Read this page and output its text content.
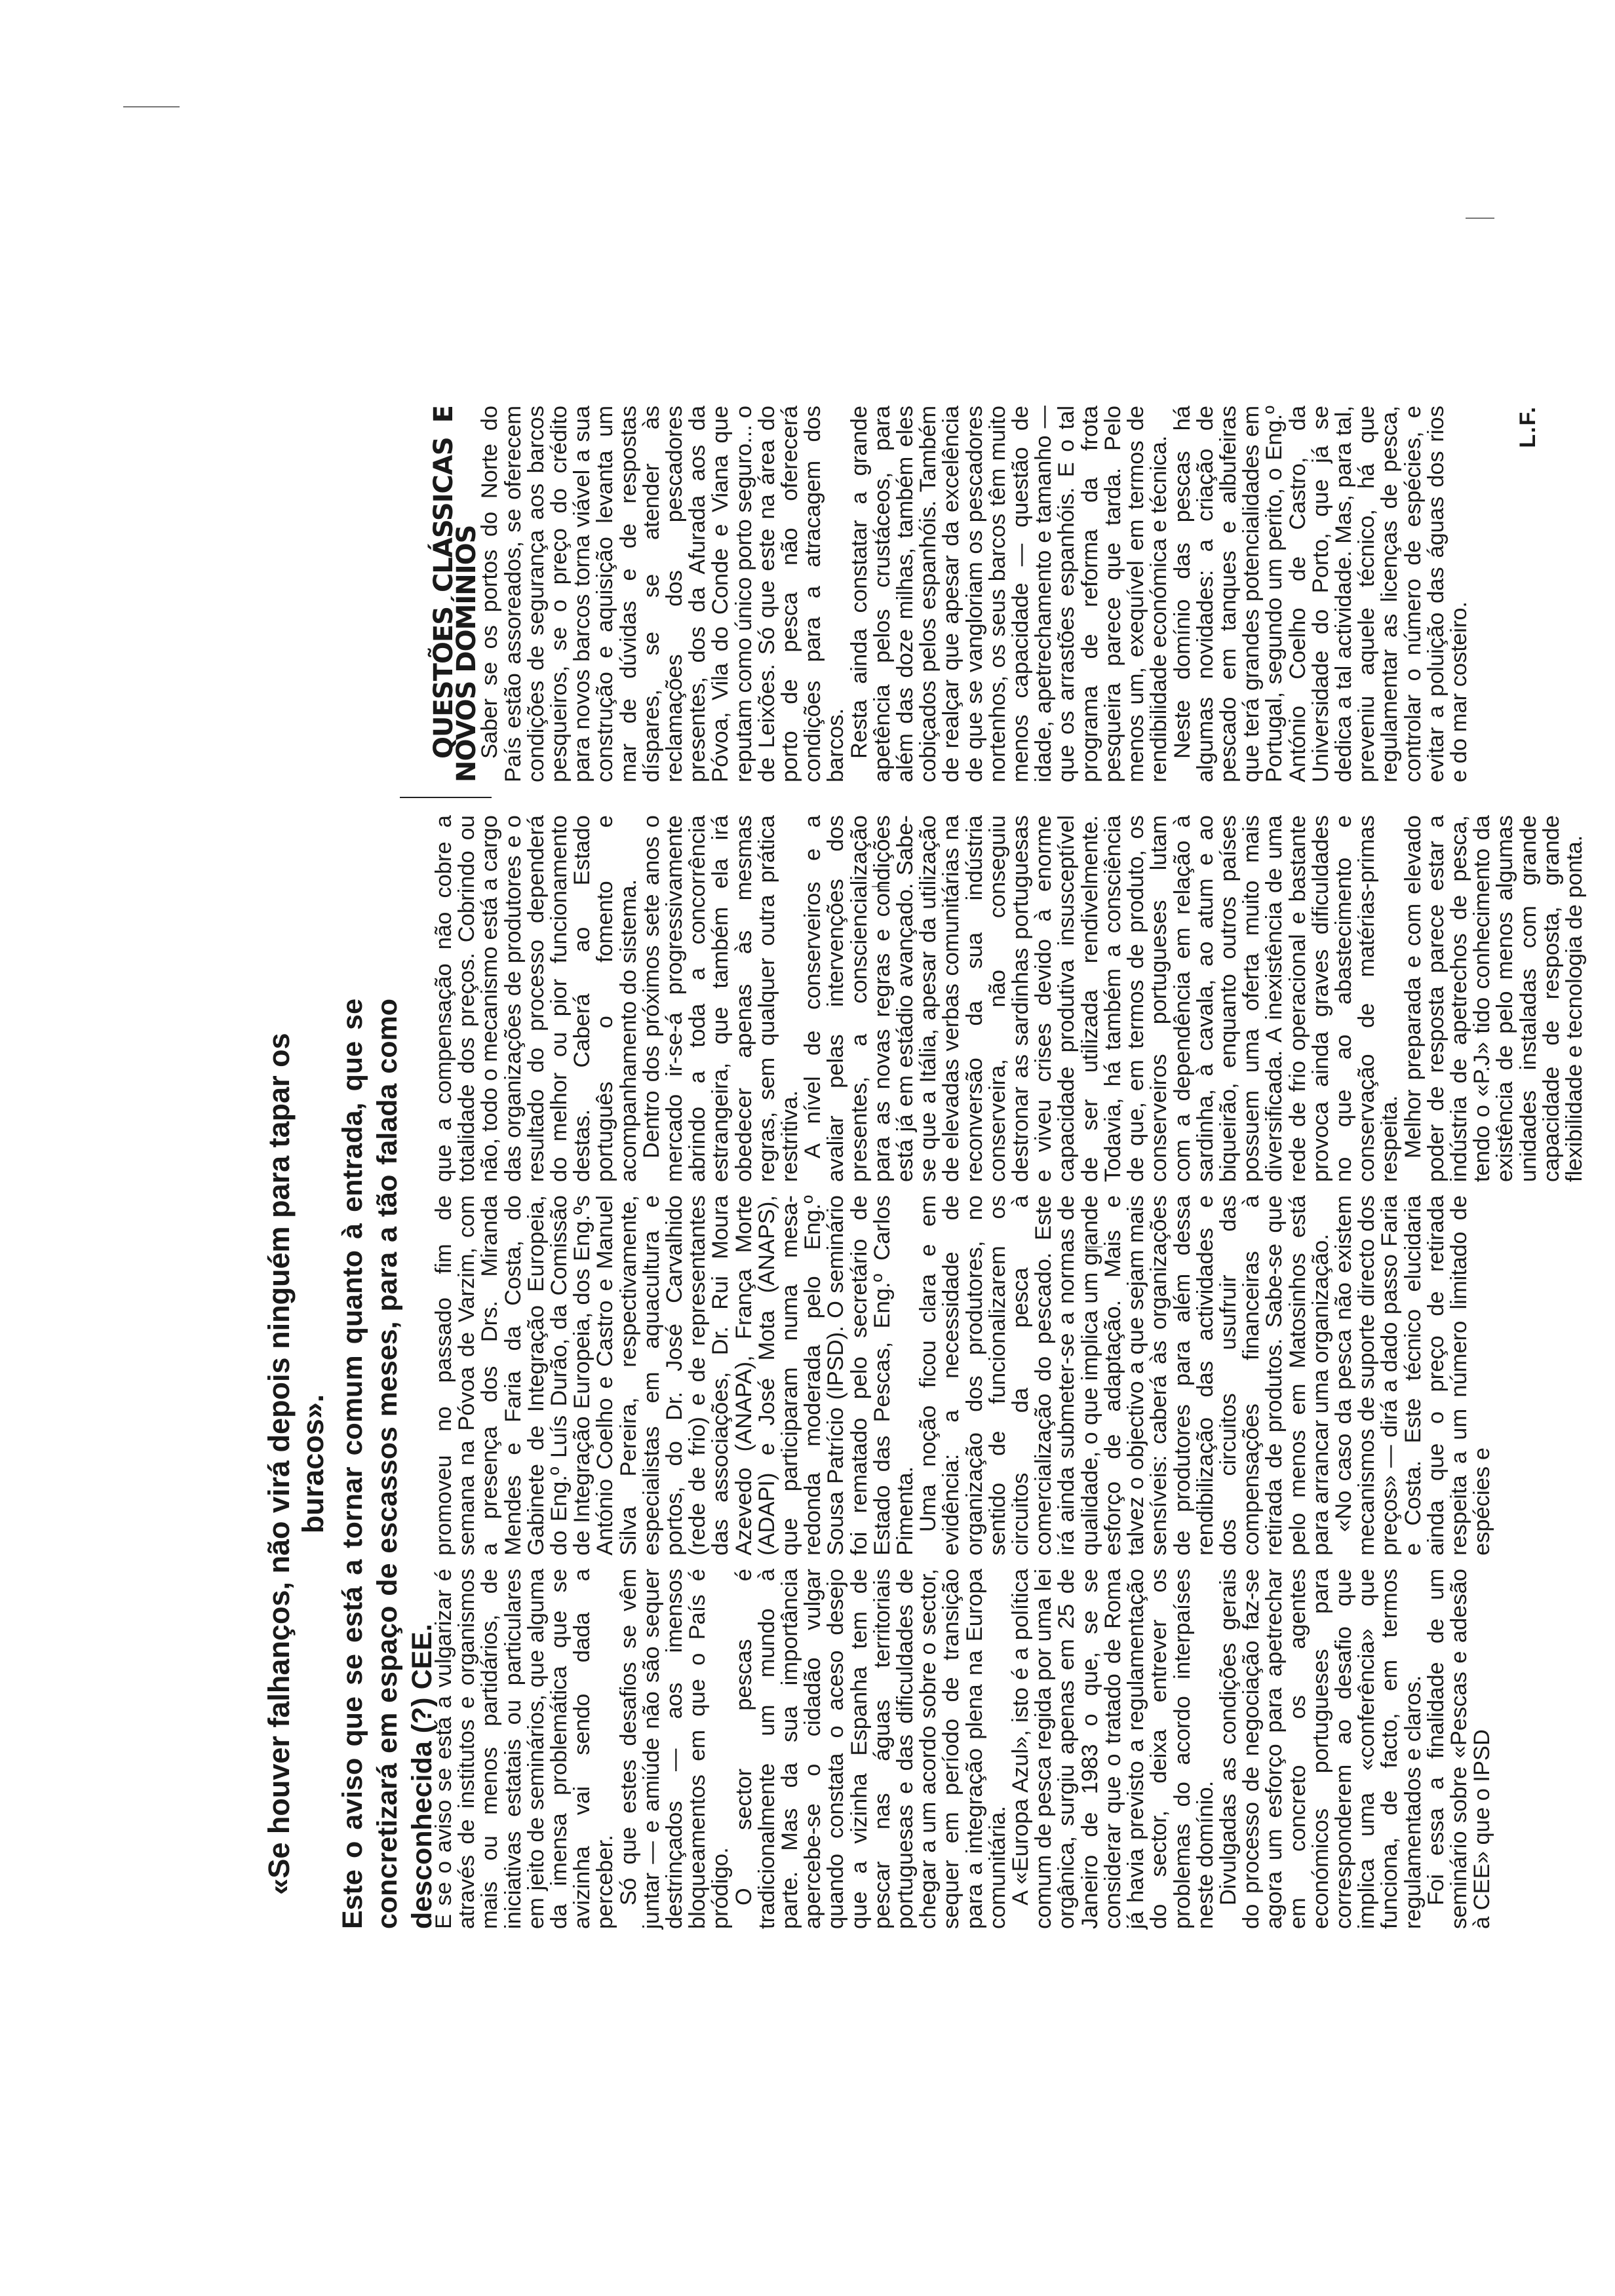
«Se houver falhanços, não virá depois ninguém para tapar os buracos». Este o aviso que se está a tornar comum quanto à entrada, que se concretizará em espaço de escassos meses, para a tão falada como desconhecida (?) CEE.

E se o aviso se está a vulgarizar é através de institutos e organismos mais ou menos partidários, de iniciativas estatais ou particulares em jeito de seminários, que alguma da imensa problemática que se avizinha vai sendo dada a perceber.

Só que estes desafios se vêm juntar — e amiúde não são sequer destrinçados — aos imensos bloqueamentos em que o País é pródigo.

O sector pescas é tradicionalmente um mundo à parte. Mas da sua importância apercebe-se o cidadão vulgar quando constata o aceso desejo que a vizinha Espanha tem de pescar nas águas territoriais portuguesas e das dificuldades de chegar a um acordo sobre o sector, sequer em período de transição para a integração plena na Europa comunitária.

A «Europa Azul», isto é a política comum de pesca regida por uma lei orgânica, surgiu apenas em 25 de Janeiro de 1983 o que, se se considerar que o tratado de Roma já havia previsto a regulamentação do sector, deixa entrever os problemas do acordo interpaíses neste domínio.

Divulgadas as condições gerais do processo de negociação faz-se agora um esforço para apetrechar em concreto os agentes económicos portugueses para corresponderem ao desafio que implica uma «conferência» que funciona, de facto, em termos regulamentados e claros.

Foi essa a finalidade de um seminário sobre «Pescas e adesão à CEE» que o IPSD

promoveu no passado fim de semana na Póvoa de Varzim, com a presença dos Drs. Miranda Mendes e Faria da Costa, do Gabinete de Integração Europeia, do Eng.º Luís Durão, da Comissão de Integração Europeia, dos Eng.ºs António Coelho e Castro e Manuel Silva Pereira, respectivamente, especialistas em aquacultura e portos, do Dr. José Carvalhido (rede de frio) e de representantes das associações, Dr. Rui Moura Azevedo (ANAPA), França Morte (ADAPI) e José Mota (ANAPS), que participaram numa mesa-redonda moderada pelo Eng.º Sousa Patrício (IPSD). O seminário foi rematado pelo secretário de Estado das Pescas, Eng.º Carlos Pimenta.

Uma noção ficou clara e em evidência: a necessidade de organização dos produtores, no sentido de funcionalizarem os circuitos da pesca à comercialização do pescado. Este irá ainda submeter-se a normas de qualidade, o que implica um grande esforço de adaptação. Mais e talvez o objectivo a que sejam mais sensíveis: caberá às organizações de produtores para além dessa rendibilização das actividades e dos circuitos usufruir das compensações financeiras à retirada de produtos. Sabe-se que pelo menos em Matosinhos está para arrancar uma organização.

«No caso da pesca não existem mecanismos de suporte directo dos preços» — dirá a dado passo Faria e Costa. Este técnico elucidaria ainda que o preço de retirada respeita a um número limitado de espécies e

que a compensação não cobre a totalidade dos preços. Cobrindo ou não, todo o mecanismo está a cargo das organizações de produtores e o resultado do processo dependerá do melhor ou pior funcionamento destas. Caberá ao Estado português o fomento e acompanhamento do sistema.

Dentro dos próximos sete anos o mercado ir-se-á progressivamente abrindo a toda a concorrência estrangeira, que também ela irá obedecer apenas às mesmas regras, sem qualquer outra prática restritiva.

A nível de conserveiros e a avaliar pelas intervenções dos presentes, a consciencialização para as novas regras e condições está já em estádio avançado. Sabe-se que a Itália, apesar da utilização de elevadas verbas comunitárias na reconversão da sua indústria conserveira, não conseguiu destronar as sardinhas portuguesas e viveu crises devido à enorme capacidade produtiva insusceptível de ser utilizada rendivelmente. Todavia, há também a consciência de que, em termos de produto, os conserveiros portugueses lutam com a dependência em relação à sardinha, à cavala, ao atum e ao biqueirão, enquanto outros países possuem uma oferta muito mais diversificada. A inexistência de uma rede de frio operacional e bastante provoca ainda graves dificuldades no que ao abastecimento e conservação de matérias-primas respeita.

Melhor preparada e com elevado poder de resposta parece estar a indústria de apetrechos de pesca, tendo o «P.J» tido conhecimento da existência de pelo menos algumas unidades instaladas com grande capacidade de resposta, grande flexibilidade e tecnologia de ponta.

QUESTÕES CLÁSSICAS E NOVOS DOMÍNIOS

Saber se os portos do Norte do País estão assoreados, se oferecem condições de segurança aos barcos pesqueiros, se o preço do crédito para novos barcos torna viável a sua construção e aquisição levanta um mar de dúvidas e de respostas díspares, se se atender às reclamações dos pescadores presentes, dos da Afurada aos da Póvoa, Vila do Conde e Viana que reputam como único porto seguro... o de Leixões. Só que este na área do porto de pesca não oferecerá condições para a atracagem dos barcos.

Resta ainda constatar a grande apetência pelos crustáceos, para além das doze milhas, também eles cobiçados pelos espanhóis. Também de realçar que apesar da excelência de que se vangloriam os pescadores nortenhos, os seus barcos têm muito menos capacidade — questão de idade, apetrechamento e tamanho — que os arrastões espanhóis. E o tal programa de reforma da frota pesqueira parece que tarda. Pelo menos um, exequível em termos de rendibilidade económica e técnica.

Neste domínio das pescas há algumas novidades: a criação de pescado em tanques e albufeiras que terá grandes potencialidades em Portugal, segundo um perito, o Eng.º António Coelho de Castro, da Universidade do Porto, que já se dedica a tal actividade. Mas, para tal, preveniu aquele técnico, há que regulamentar as licenças de pesca, controlar o número de espécies, e evitar a poluição das águas dos rios e do mar costeiro.

L.F.
